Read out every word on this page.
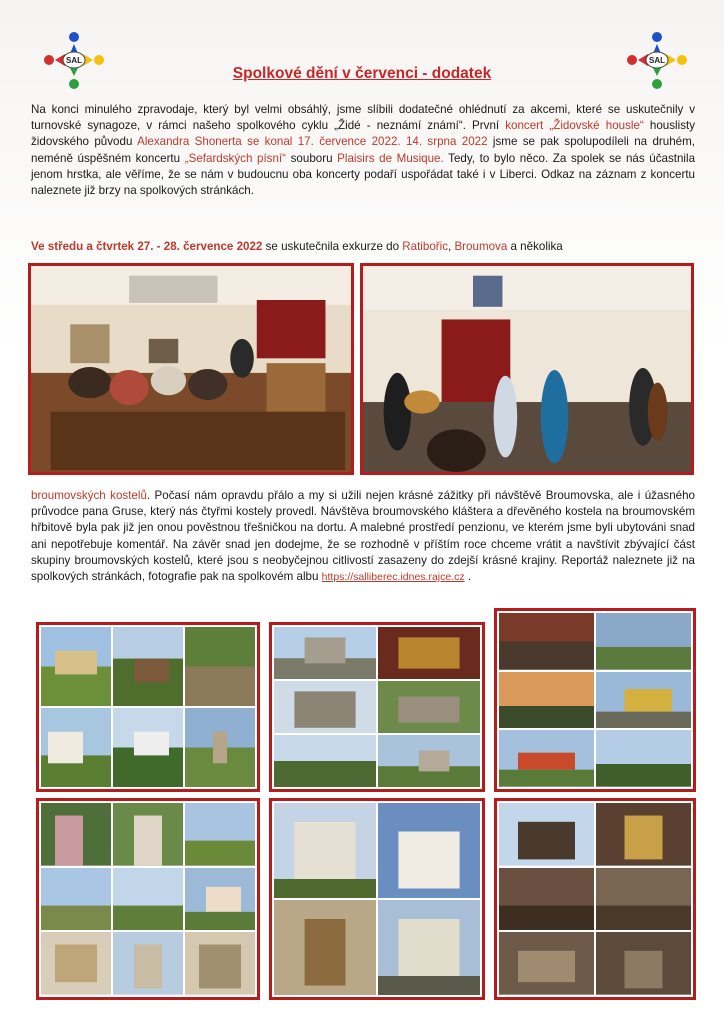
SAL	SAL
Spolkové dění v červenci - dodatek
Na konci minulého zpravodaje, který byl velmi obsáhlý, jsme slíbili dodatečné ohlédnutí za akcemi, které se uskutečnily v turnovské synagoze, v rámci našeho spolkového cyklu „Židé - neznámí známí“. První koncert „Židovské housle“ houslisty židovského původu Alexandra Shonerta se konal 17. července 2022. 14. srpna 2022 jsme se pak spolupodíleli na druhém, neméně úspěšném koncertu „Sefardských písní“ souboru Plaisirs de Musique. Tedy, to bylo něco. Za spolek se nás účastnila jenom hrstka, ale věříme, že se nám v budoucnu oba koncerty podaří uspořádat také i v Liberci. Odkaz na záznam z koncertu naleznete již brzy na spolkových stránkách.
Ve středu a čtvrtek 27. - 28. července 2022 se uskutečnila exkurze do Ratibořic, Broumova a několika
broumovských kostelů. Počasí nám opravdu přálo a my si užili nejen krásné zážitky při návštěvě Broumovska, ale i úžasného průvodce pana Gruse, který nás čtyřmi kostely provedl. Návštěva broumovského kláštera a dřevěného kostela na broumovském hřbitově byla pak již jen onou pověstnou třešničkou na dortu. A malebné prostředí penzionu, ve kterém jsme byli ubytováni snad ani nepotřebuje komentář. Na závěr snad jen dodejme, že se rozhodně v příštím roce chceme vrátit a navštívit zbývající část skupiny broumovských kostelů, které jsou s neobyčejnou citlivostí zasazeny do zdejší krásné krajiny. Reportáž naleznete již na spolkových stránkách, fotografie pak na spolkovém albu https://salliberec.idnes.rajce.cz .
